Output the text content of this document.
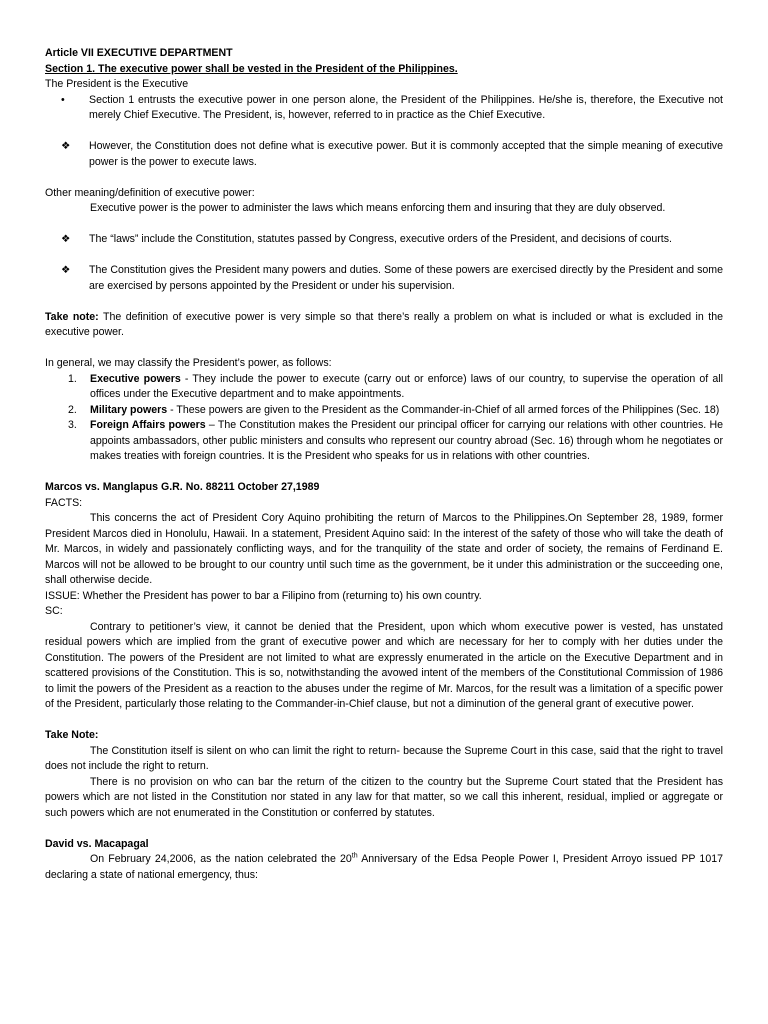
Article VII EXECUTIVE DEPARTMENT

Section 1. The executive power shall be vested in the President of the Philippines.

The President is the Executive

•	Section 1 entrusts the executive power in one person alone, the President of the Philippines. He/she is, therefore, the Executive not merely Chief Executive. The President, is, however, referred to in practice as the Chief Executive.
❖	However, the Constitution does not define what is executive power. But it is commonly accepted that the simple meaning of executive power is the power to execute laws.

Other meaning/definition of executive power:

Executive power is the power to administer the laws which means enforcing them and insuring that they are duly observed.

❖	The “laws” include the Constitution, statutes passed by Congress, executive orders of the President, and decisions of courts.
❖	The Constitution gives the President many powers and duties. Some of these powers are exercised directly by the President and some are exercised by persons appointed by the President or under his supervision.

Take note: The definition of executive power is very simple so that there’s really a problem on what is included or what is excluded in the executive power.

In general, we may classify the President’s power, as follows:

1.	Executive powers - They include the power to execute (carry out or enforce) laws of our country, to supervise the operation of all offices under the Executive department and to make appointments.
2.	Military powers - These powers are given to the President as the Commander-in-Chief of all armed forces of the Philippines (Sec. 18)
3.	Foreign Affairs powers – The Constitution makes the President our principal officer for carrying our relations with other countries. He appoints ambassadors, other public ministers and consults who represent our country abroad (Sec. 16) through whom he negotiates or makes treaties with foreign countries. It is the President who speaks for us in relations with other countries.

Marcos vs. Manglapus G.R. No. 88211 October 27,1989

FACTS:

This concerns the act of President Cory Aquino prohibiting the return of Marcos to the Philippines.On September 28, 1989, former President Marcos died in Honolulu, Hawaii. In a statement, President Aquino said: In the interest of the safety of those who will take the death of Mr. Marcos, in widely and passionately conflicting ways, and for the tranquility of the state and order of society, the remains of Ferdinand E. Marcos will not be allowed to be brought to our country until such time as the government, be it under this administration or the succeeding one, shall otherwise decide.

ISSUE: Whether the President has power to bar a Filipino from (returning to) his own country.

SC:

Contrary to petitioner’s view, it cannot be denied that the President, upon which whom executive power is vested, has unstated residual powers which are implied from the grant of executive power and which are necessary for her to comply with her duties under the Constitution. The powers of the President are not limited to what are expressly enumerated in the article on the Executive Department and in scattered provisions of the Constitution. This is so, notwithstanding the avowed intent of the members of the Constitutional Commission of 1986 to limit the powers of the President as a reaction to the abuses under the regime of Mr. Marcos, for the result was a limitation of a specific power of the President, particularly those relating to the Commander-in-Chief clause, but not a diminution of the general grant of executive power.

Take Note:

The Constitution itself is silent on who can limit the right to return- because the Supreme Court in this case, said that the right to travel does not include the right to return.

There is no provision on who can bar the return of the citizen to the country but the Supreme Court stated that the President has powers which are not listed in the Constitution nor stated in any law for that matter, so we call this inherent, residual, implied or aggregate or such powers which are not enumerated in the Constitution or conferred by statutes.

David vs. Macapagal

On February 24,2006, as the nation celebrated the 20th Anniversary of the Edsa People Power I, President Arroyo issued PP 1017 declaring a state of national emergency, thus:
